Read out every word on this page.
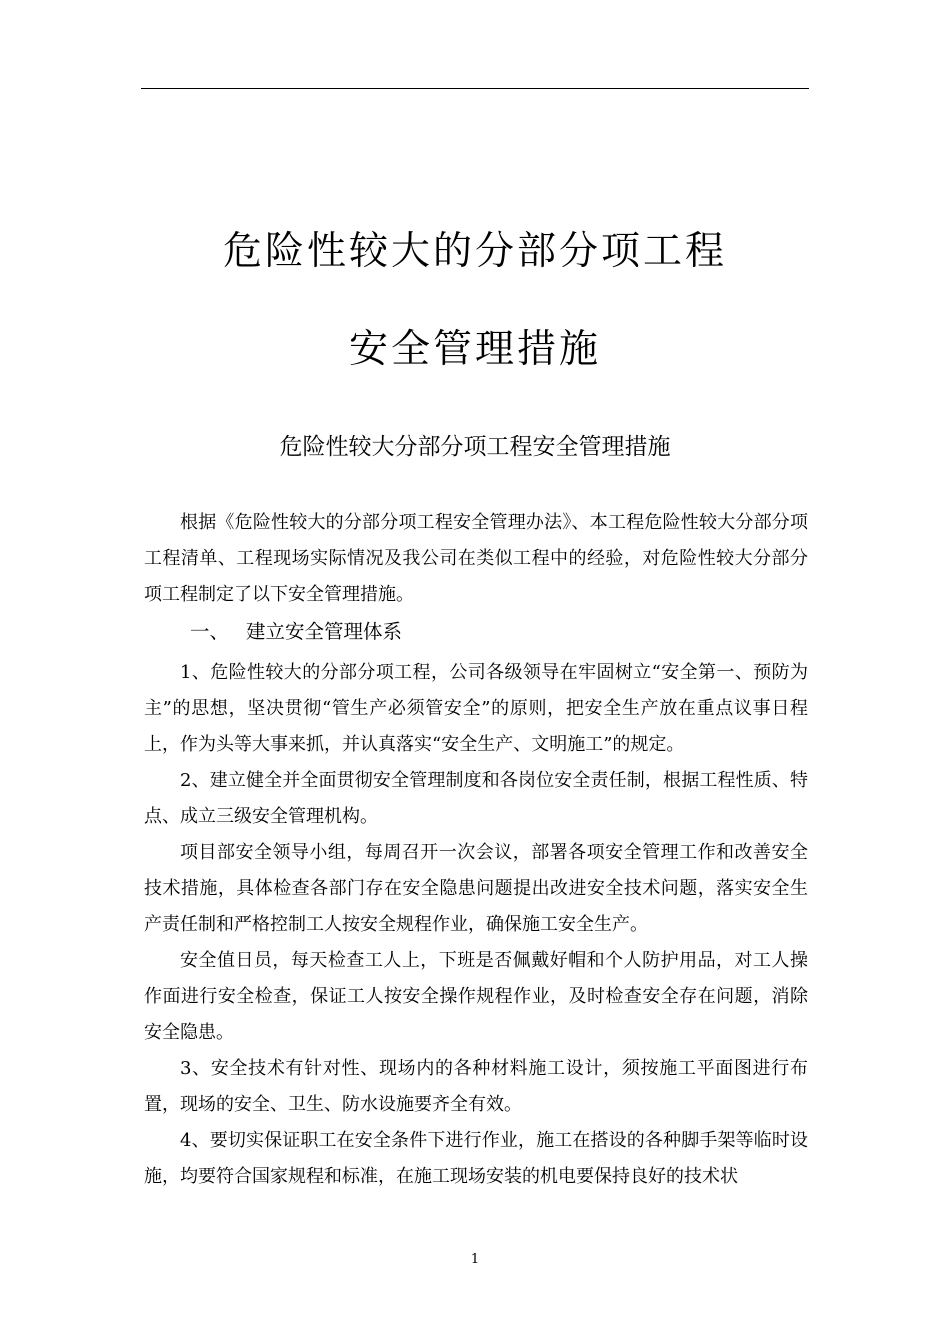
危险性较大的分部分项工程
安全管理措施
危险性较大分部分项工程安全管理措施

根据《危险性较大的分部分项工程安全管理办法》、本工程危险性较大分部分项工程清单、工程现场实际情况及我公司在类似工程中的经验，对危险性较大分部分项工程制定了以下安全管理措施。

一、 建立安全管理体系

1、危险性较大的分部分项工程，公司各级领导在牢固树立“安全第一、预防为主”的思想，坚决贯彻“管生产必须管安全”的原则，把安全生产放在重点议事日程上，作为头等大事来抓，并认真落实“安全生产、文明施工”的规定。

2、建立健全并全面贯彻安全管理制度和各岗位安全责任制，根据工程性质、特点、成立三级安全管理机构。

项目部安全领导小组，每周召开一次会议，部署各项安全管理工作和改善安全技术措施，具体检查各部门存在安全隐患问题提出改进安全技术问题，落实安全生产责任制和严格控制工人按安全规程作业，确保施工安全生产。

安全值日员，每天检查工人上，下班是否佩戴好帽和个人防护用品，对工人操作面进行安全检查，保证工人按安全操作规程作业，及时检查安全存在问题，消除安全隐患。

3、安全技术有针对性、现场内的各种材料施工设计，须按施工平面图进行布置，现场的安全、卫生、防水设施要齐全有效。

4、要切实保证职工在安全条件下进行作业，施工在搭设的各种脚手架等临时设施，均要符合国家规程和标准，在施工现场安装的机电要保持良好的技术状

1
